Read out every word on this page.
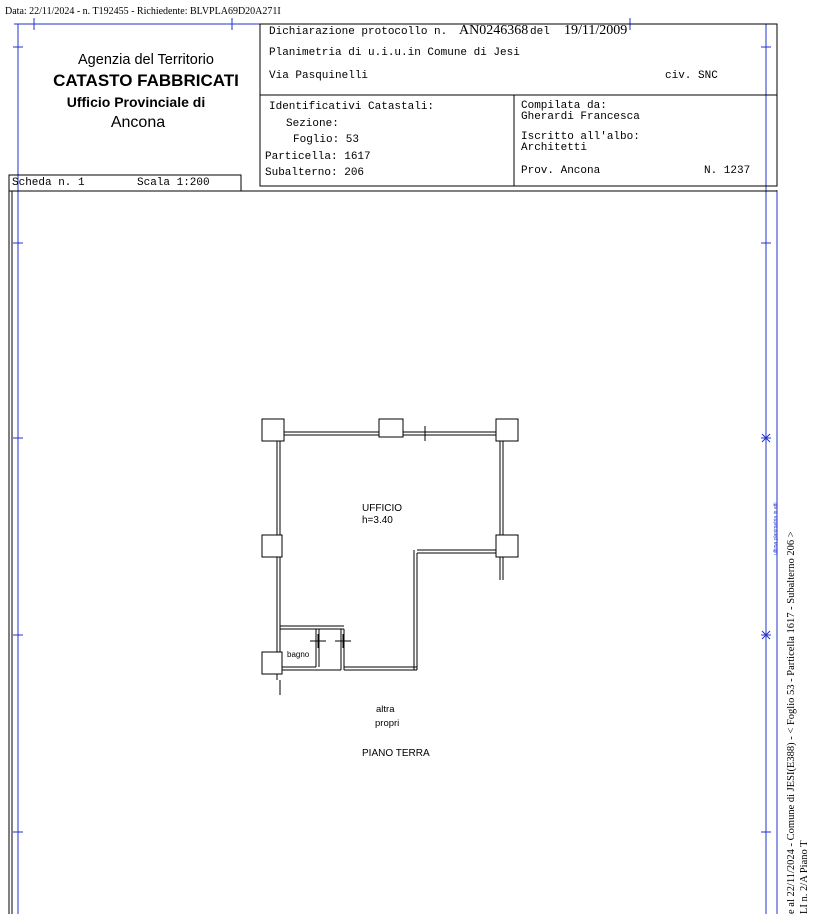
Data: 22/11/2024 - n. T192455 - Richiedente: BLVPLA69D20A271I
Agenzia del Territorio
CATASTO FABBRICATI
Ufficio Provinciale di
Ancona
Dichiarazione protocollo n. AN0246368 del 19/11/2009
Planimetria di u.i.u.in Comune di Jesi
Via Pasquinelli	civ. SNC
Identificativi Catastali:
Sezione:
Foglio: 53
Particella: 1617
Subalterno: 206
Compilata da:
Gherardi Francesca
Iscritto all'albo:
Architetti
Prov. Ancona	N. 1237
Scheda n. 1	Scala 1:200
UFFICIO
h=3.40
bagno
altra
propri
PIANO TERRA	e al 22/11/2024 - Comune di JESI(E388) - < Foglio 53 - Particella 1617 - Subalterno 206 > LI n. 2/A Piano T
ultima planimetria in atti
